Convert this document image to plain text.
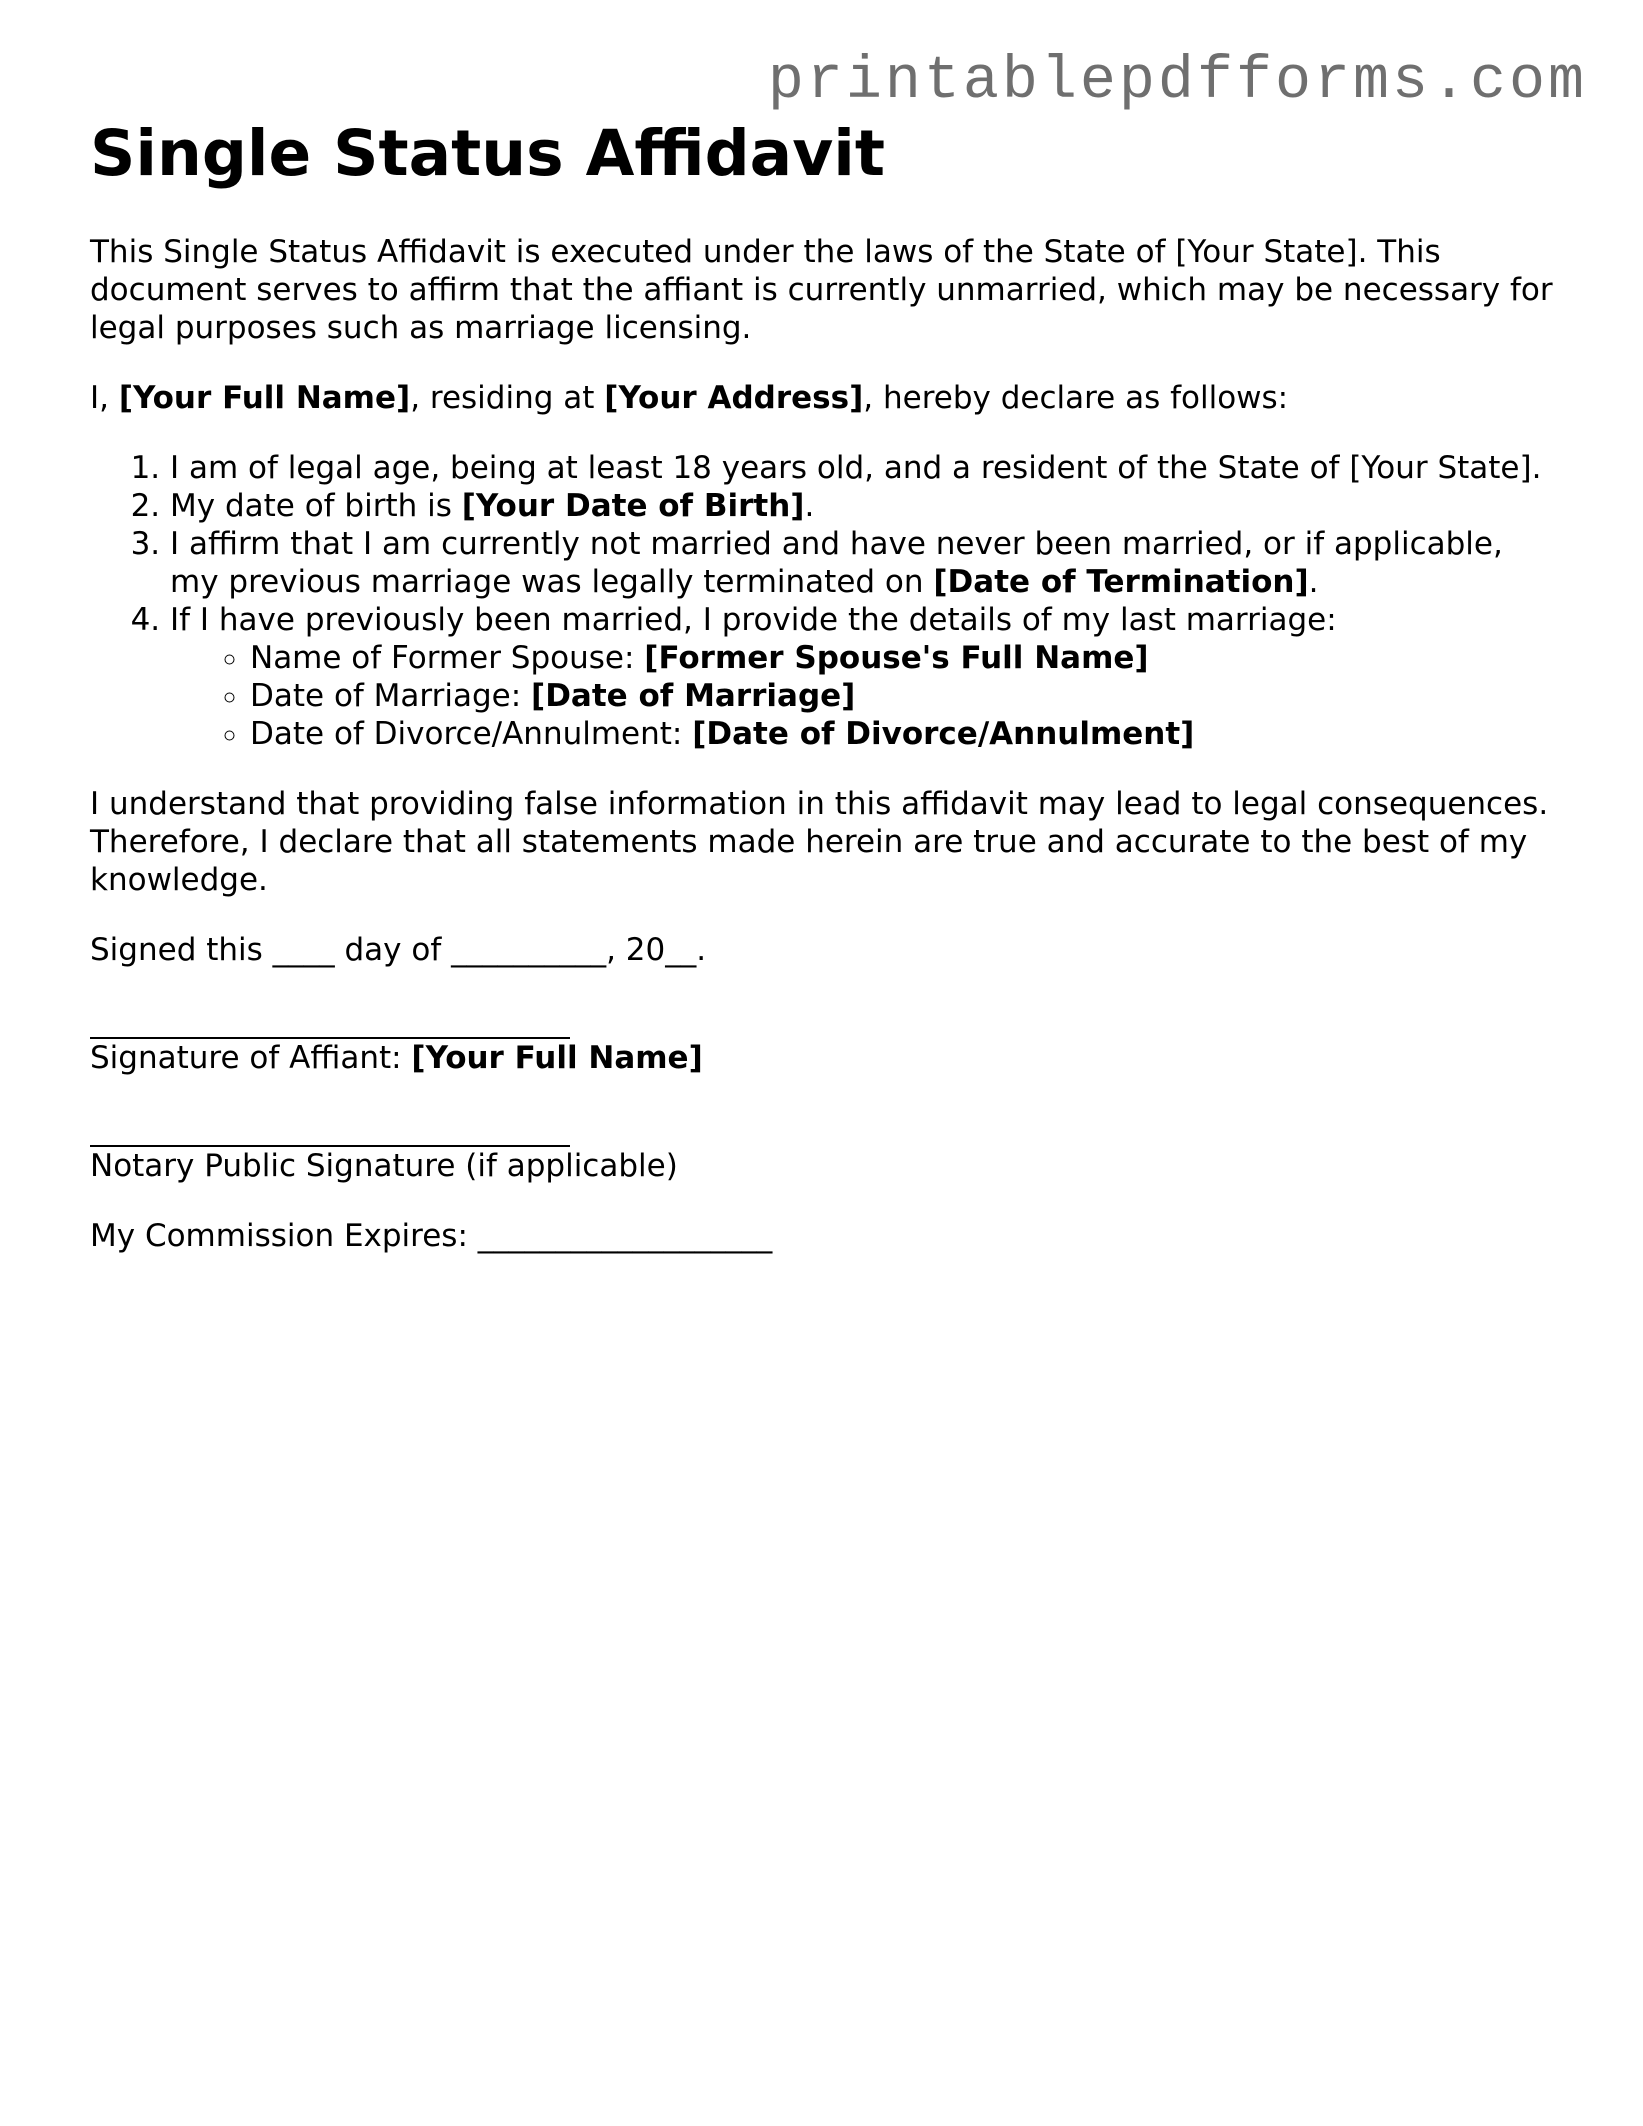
printablepdfforms.com
Single Status Affidavit

This Single Status Affidavit is executed under the laws of the State of [Your State]. This document serves to affirm that the affiant is currently unmarried, which may be necessary for legal purposes such as marriage licensing.

I, [Your Full Name], residing at [Your Address], hereby declare as follows:

1. I am of legal age, being at least 18 years old, and a resident of the State of [Your State].
2. My date of birth is [Your Date of Birth].
3. I affirm that I am currently not married and have never been married, or if applicable, my previous marriage was legally terminated on [Date of Termination].
4. If I have previously been married, I provide the details of my last marriage:
◦ Name of Former Spouse: [Former Spouse's Full Name]
◦ Date of Marriage: [Date of Marriage]
◦ Date of Divorce/Annulment: [Date of Divorce/Annulment]

I understand that providing false information in this affidavit may lead to legal consequences. Therefore, I declare that all statements made herein are true and accurate to the best of my knowledge.

Signed this ____ day of __________, 20__.

Signature of Affiant: [Your Full Name]

Notary Public Signature (if applicable)

My Commission Expires: ___________________
